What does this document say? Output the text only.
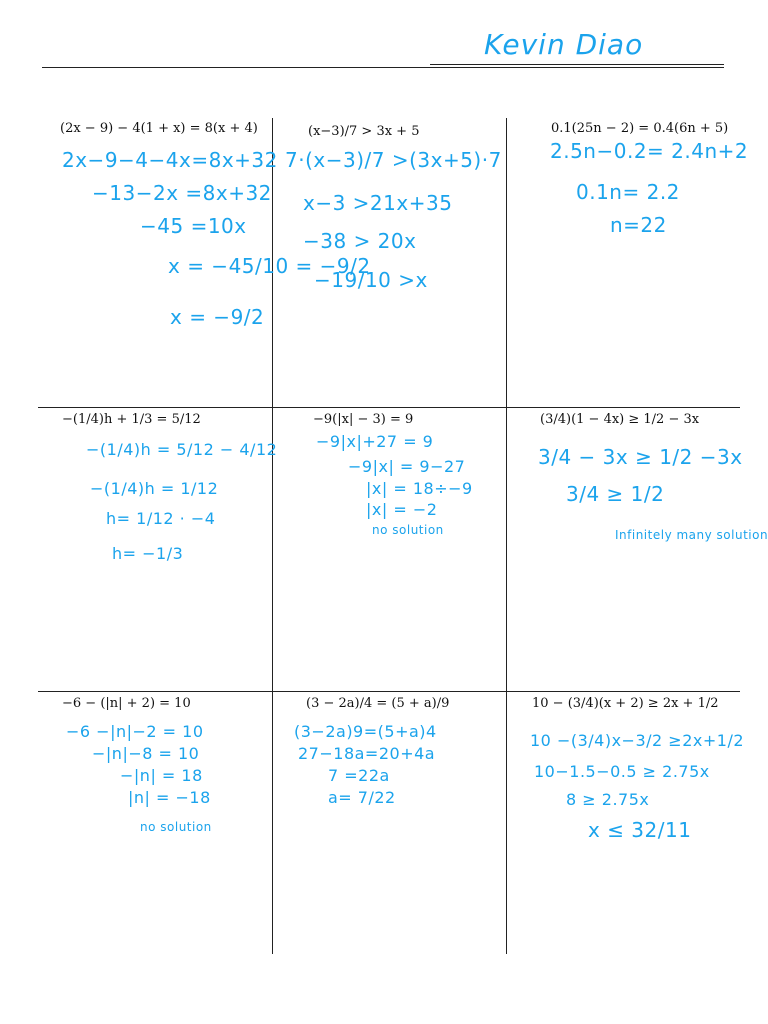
Kevin Diao
(2x − 9) − 4(1 + x) = 8(x + 4)
2x−9−4−4x=8x+32
−13−2x =8x+32
−45 =10x
x = −45/10 = −9/2
x = −9/2
(x−3)/7 > 3x + 5
7·(x−3)/7 >(3x+5)·7
x−3 >21x+35
−38 > 20x
−19/10 >x
0.1(25n − 2) = 0.4(6n + 5)
2.5n−0.2= 2.4n+2
0.1n= 2.2
n=22
−(1/4)h + 1/3 = 5/12
−(1/4)h = 5/12 − 4/12
−(1/4)h = 1/12
h= 1/12 · −4
h= −1/3
−9(|x| − 3) = 9
−9|x|+27 = 9
−9|x| = 9−27
|x| = 18÷−9
|x| = −2
no solution
(3/4)(1 − 4x) ≥ 1/2 − 3x
3/4 − 3x ≥ 1/2 −3x
3/4 ≥ 1/2
Infinitely many solution
−6 − (|n| + 2) = 10
−6 −|n|−2 = 10
−|n|−8 = 10
−|n| = 18
|n| = −18
no solution
(3 − 2a)/4 = (5 + a)/9
(3−2a)9=(5+a)4
27−18a=20+4a
7 =22a
a= 7/22
10 − (3/4)(x + 2) ≥ 2x + 1/2
10 −(3/4)x−3/2 ≥2x+1/2
10−1.5−0.5 ≥ 2.75x
8 ≥ 2.75x
x ≤ 32/11
